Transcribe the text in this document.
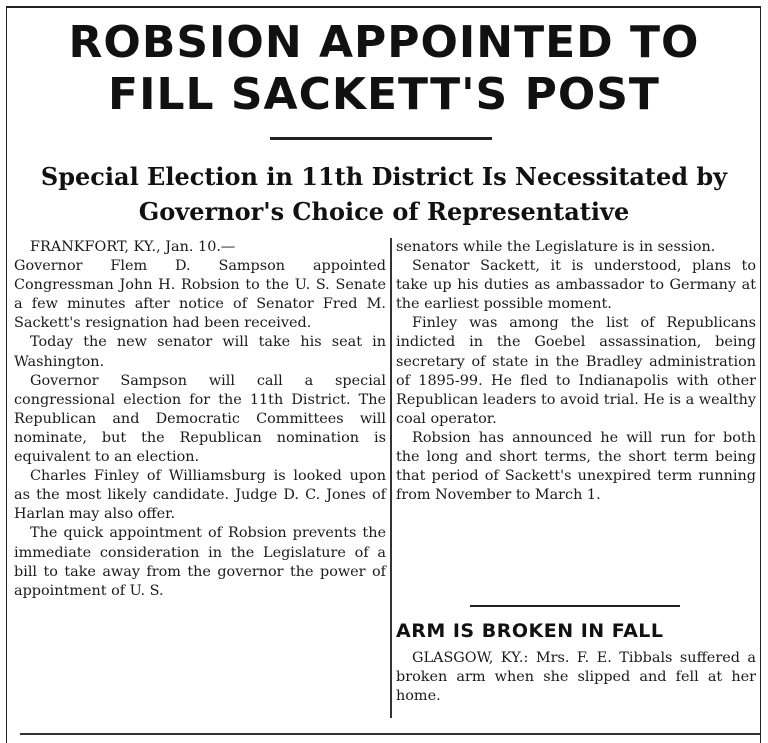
ROBSION APPOINTED TO
FILL SACKETT'S POST
Special Election in 11th District Is Necessitated by
Governor's Choice of Representative

FRANKFORT, KY., Jan. 10.—

Governor Flem D. Sampson appointed Congressman John H. Robsion to the U. S. Senate a few minutes after notice of Senator Fred M. Sackett's resignation had been received.

Today the new senator will take his seat in Washington.

Governor Sampson will call a special congressional election for the 11th District. The Republican and Democratic Committees will nominate, but the Republican nomination is equivalent to an election.

Charles Finley of Williamsburg is looked upon as the most likely candidate. Judge D. C. Jones of Harlan may also offer.

The quick appointment of Robsion prevents the immediate consideration in the Legislature of a bill to take away from the governor the power of appointment of U. S.

senators while the Legislature is in session.

Senator Sackett, it is understood, plans to take up his duties as ambassador to Germany at the earliest possible moment.

Finley was among the list of Republicans indicted in the Goebel assassination, being secretary of state in the Bradley administration of 1895-99. He fled to Indianapolis with other Republican leaders to avoid trial. He is a wealthy coal operator.

Robsion has announced he will run for both the long and short terms, the short term being that period of Sackett's unexpired term running from November to March 1.

ARM IS BROKEN IN FALL

GLASGOW, KY.: Mrs. F. E. Tibbals suffered a broken arm when she slipped and fell at her home.
